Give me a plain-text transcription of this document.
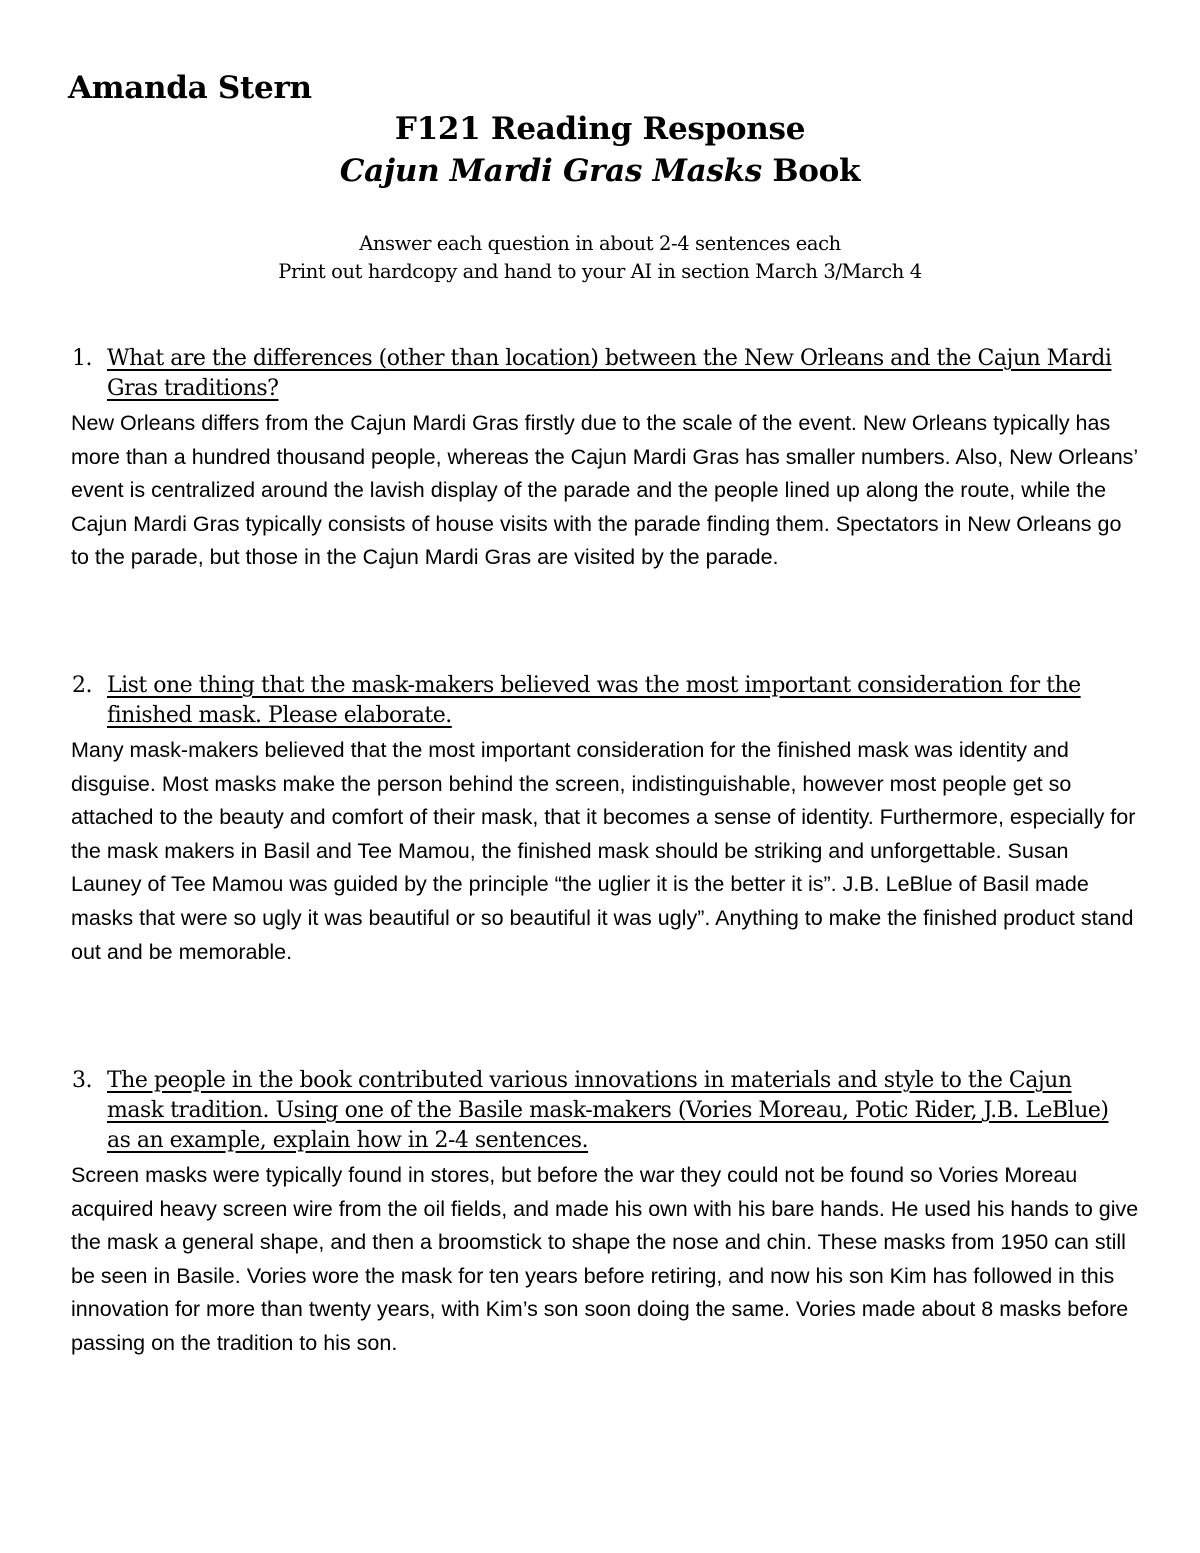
Amanda Stern
F121 Reading Response
Cajun Mardi Gras Masks Book
Answer each question in about 2-4 sentences each
Print out hardcopy and hand to your AI in section March 3/March 4
1. What are the differences (other than location) between the New Orleans and the Cajun Mardi Gras traditions?
New Orleans differs from the Cajun Mardi Gras firstly due to the scale of the event. New Orleans typically has more than a hundred thousand people, whereas the Cajun Mardi Gras has smaller numbers. Also, New Orleans’ event is centralized around the lavish display of the parade and the people lined up along the route, while the Cajun Mardi Gras typically consists of house visits with the parade finding them. Spectators in New Orleans go to the parade, but those in the Cajun Mardi Gras are visited by the parade.
2. List one thing that the mask-makers believed was the most important consideration for the finished mask. Please elaborate.
Many mask-makers believed that the most important consideration for the finished mask was identity and disguise. Most masks make the person behind the screen, indistinguishable, however most people get so attached to the beauty and comfort of their mask, that it becomes a sense of identity. Furthermore, especially for the mask makers in Basil and Tee Mamou, the finished mask should be striking and unforgettable. Susan Launey of Tee Mamou was guided by the principle “the uglier it is the better it is”. J.B. LeBlue of Basil made masks that were so ugly it was beautiful or so beautiful it was ugly”. Anything to make the finished product stand out and be memorable.
3. The people in the book contributed various innovations in materials and style to the Cajun mask tradition. Using one of the Basile mask-makers (Vories Moreau, Potic Rider, J.B. LeBlue) as an example, explain how in 2-4 sentences.
Screen masks were typically found in stores, but before the war they could not be found so Vories Moreau acquired heavy screen wire from the oil fields, and made his own with his bare hands. He used his hands to give the mask a general shape, and then a broomstick to shape the nose and chin. These masks from 1950 can still be seen in Basile. Vories wore the mask for ten years before retiring, and now his son Kim has followed in this innovation for more than twenty years, with Kim’s son soon doing the same. Vories made about 8 masks before passing on the tradition to his son.
